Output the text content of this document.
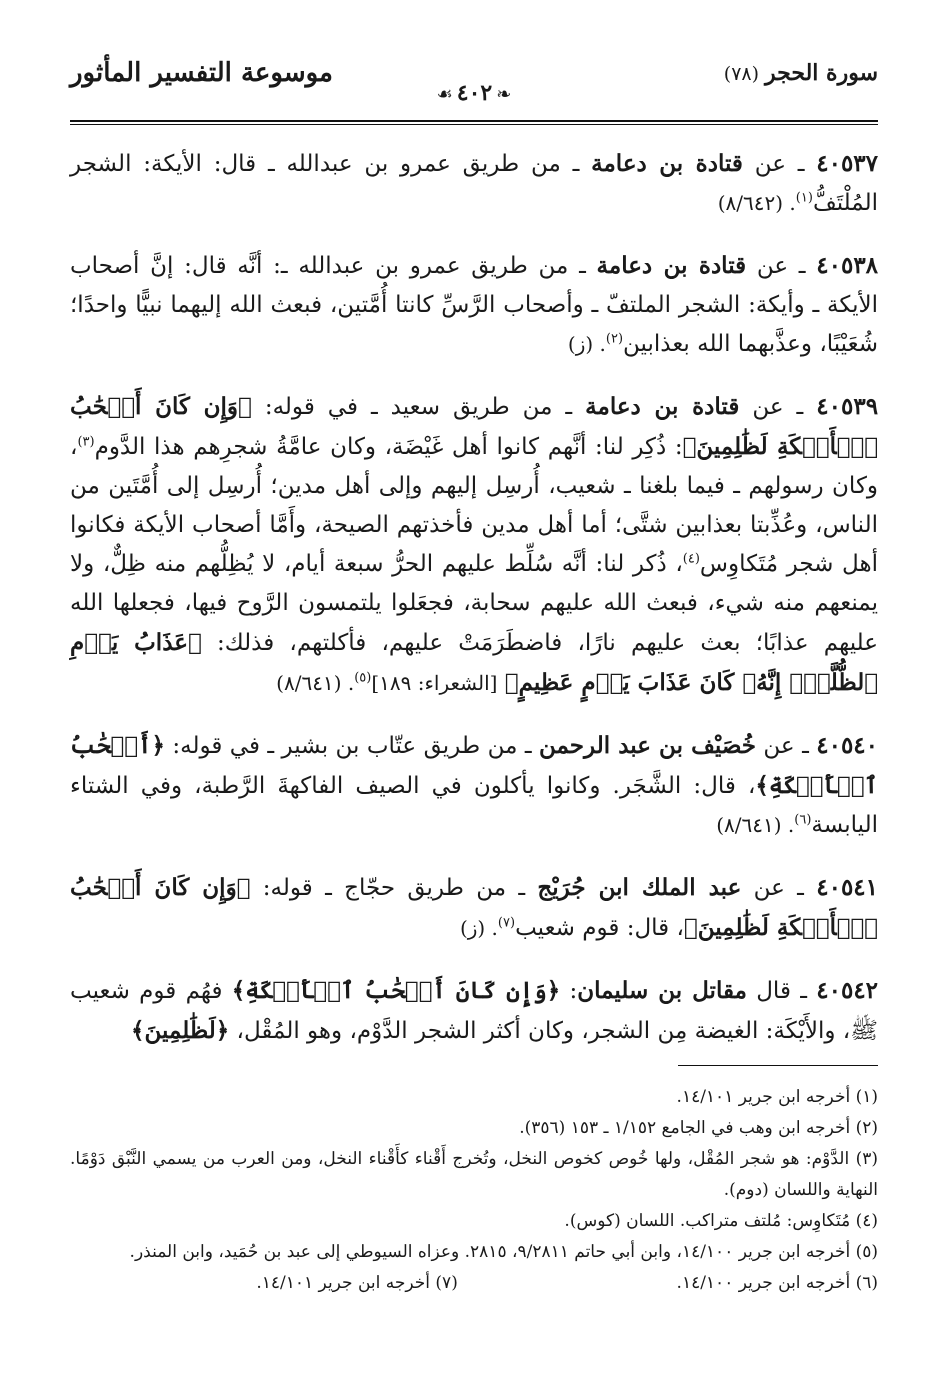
سورة الحجر(٧٨)
❧٤٠٢☙
موسوعة التفسير المأثور

٤٠٥٣٧ ـ عن قتادة بن دعامة ـ من طريق عمرو بن عبدالله ـ قال: الأيكة: الشجر المُلْتَفُّ$^{(١)}$. (٨/٦٤٢)

٤٠٥٣٨ ـ عن قتادة بن دعامة ـ من طريق عمرو بن عبدالله ـ: أنَّه قال: إنَّ أصحاب الأيكة ـ وأيكة: الشجر الملتفّ ـ وأصحاب الرَّسِّ كانتا أُمَّتين، فبعث الله إليهما نبيًّا واحدًا؛ شُعَيْبًا، وعذَّبهما الله بعذابين$^{(٢)}$. (ز)

٤٠٥٣٩ ـ عن قتادة بن دعامة ـ من طريق سعيد ـ في قوله: ﴿وَإِن كَانَ أَصۡحَٰبُ ٱلۡأَيۡكَةِ لَظَٰلِمِينَ﴾: ذُكِر لنا: أنَّهم كانوا أهل غَيْضَة، وكان عامَّةُ شجرِهم هذا الدَّوم$^{(٣)}$، وكان رسولهم ـ فيما بلغنا ـ شعيب، أُرسِل إليهم وإلى أهل مدين؛ أُرسِل إلى أُمَّتَين من الناس، وعُذِّبتا بعذابين شتَّى؛ أما أهل مدين فأخذتهم الصيحة، وأَمَّا أصحاب الأيكة فكانوا أهل شجر مُتَكاوِس$^{(٤)}$، ذُكر لنا: أنَّه سُلِّط عليهم الحرُّ سبعة أيام، لا يُظِلُّهم منه ظِلٌّ، ولا يمنعهم منه شيء، فبعث الله عليهم سحابة، فجعَلوا يلتمسون الرَّوح فيها، فجعلها الله عليهم عذابًا؛ بعث عليهم نارًا، فاضطَرَمَتْ عليهم، فأكلتهم، فذلك: ﴿عَذَابُ يَوۡمِ ٱلظُّلَّةِۚ إِنَّهُۥ كَانَ عَذَابَ يَوۡمٍ عَظِيمٍ﴾ [الشعراء: ١٨٩]$^{(٥)}$. (٨/٦٤١)

٤٠٥٤٠ ـ عن خُصَيْف بن عبد الرحمن ـ من طريق عتّاب بن بشير ـ في قوله: ﴿أَصۡحَٰبُ ٱلۡأَيۡكَةِ﴾، قال: الشَّجَر. وكانوا يأكلون في الصيف الفاكهةَ الرَّطبة، وفي الشتاء اليابسة$^{(٦)}$. (٨/٦٤١)

٤٠٥٤١ ـ عن عبد الملك ابن جُرَيْج ـ من طريق حجّاج ـ قوله: ﴿وَإِن كَانَ أَصۡحَٰبُ ٱلۡأَيۡكَةِ لَظَٰلِمِينَ﴾، قال: قوم شعيب$^{(٧)}$. (ز)

٤٠٥٤٢ ـ قال مقاتل بن سليمان: ﴿وَإِن كَانَ أَصۡحَٰبُ ٱلۡأَيۡكَةِ﴾ فهُم قوم شعيب ﷺ، والأَيْكَة: الغيضة مِن الشجر، وكان أكثر الشجر الدَّوْم، وهو المُقْل، ﴿لَظَٰلِمِينَ﴾

(١) أخرجه ابن جرير ١٤/١٠١.

(٢) أخرجه ابن وهب في الجامع ١/١٥٢ ـ ١٥٣ (٣٥٦).

(٣) الدَّوْم: هو شجر المُقْل، ولها خُوص كخوص النخل، وتُخرج أَقْناء كأَقْناء النخل، ومن العرب من يسمي النَّبْق دَوْمًا. النهاية واللسان (دوم).

(٤) مُتَكاوِس: مُلتف متراكب. اللسان (كوس).

(٥) أخرجه ابن جرير ١٤/١٠٠، وابن أبي حاتم ٩/٢٨١١، ٢٨١٥. وعزاه السيوطي إلى عبد بن حُمَيد، وابن المنذر.

(٦) أخرجه ابن جرير ١٤/١٠٠.

(٧) أخرجه ابن جرير ١٤/١٠١.
